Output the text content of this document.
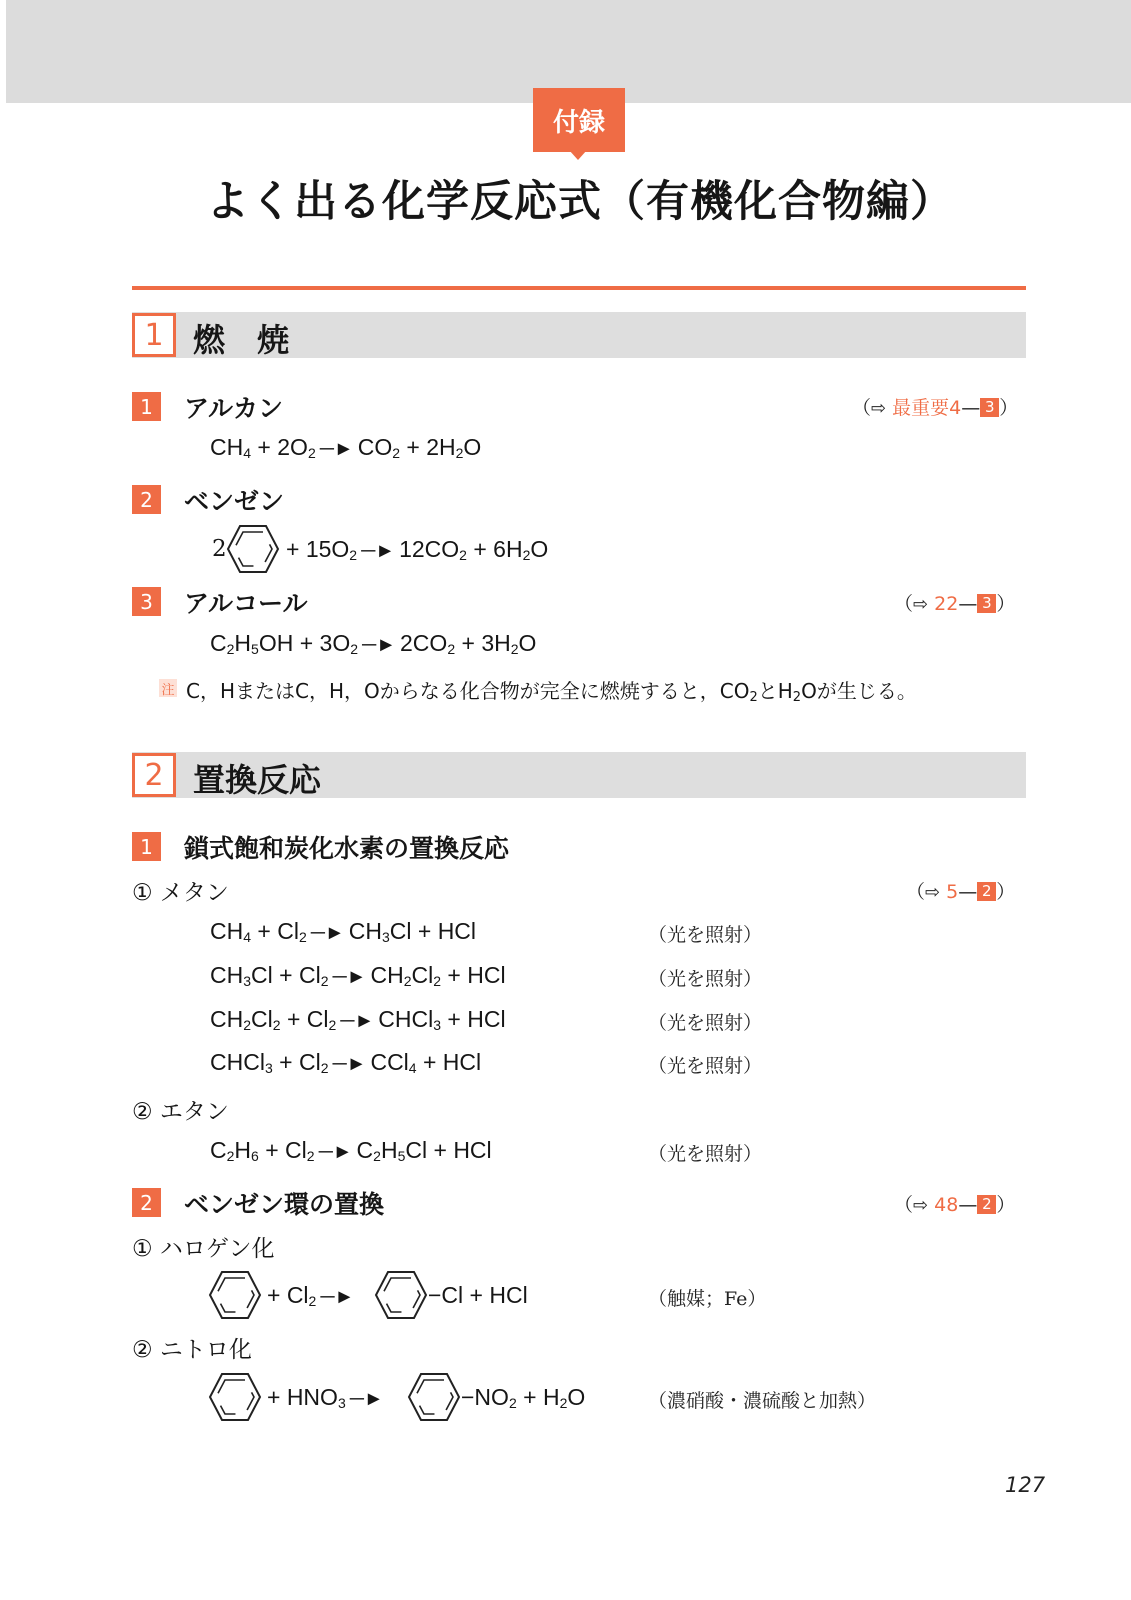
付録
よく出る化学反応式（有機化合物編）
1 燃　焼
1	アルカン	（⇨ 最重要4— 3 ）
$CH_4 + 2O_2$ ─► $CO_2 + 2H_2O$
2	ベンゼン
2	+ $15O_2$ ─► $12CO_2 + 6H_2O$
3	アルコール	（⇨ 22— 3 ）
$C_2H_5OH + 3O_2$ ─► $2CO_2 + 3H_2O$
注 C，HまたはC，H，Oからなる化合物が完全に燃焼すると，$CO_2$と$H_2O$が生じる。
2 置換反応
1	鎖式飽和炭化水素の置換反応
① メタン	（⇨ 5— 2 ）
$CH_4 + Cl_2$ ─► $CH_3Cl$ + HCl	（光を照射）
$CH_3Cl + Cl_2$ ─► $CH_2Cl_2$ + HCl	（光を照射）
$CH_2Cl_2 + Cl_2$ ─► CHCl$_3$ + HCl	（光を照射）
CHCl$_3$ + $Cl_2$ ─► CCl$_4$ + HCl	（光を照射）
② エタン
$C_2H_6 + Cl_2$ ─► $C_2H_5Cl$ + HCl	（光を照射）
2	ベンゼン環の置換	（⇨ 48— 2 ）
① ハロゲン化
+ $Cl_2$ ─►	−Cl + HCl	（触媒；Fe）
② ニトロ化
+ $HNO_3$ ─►	$-NO_2 + H_2O$	（濃硝酸・濃硫酸と加熱）
127
